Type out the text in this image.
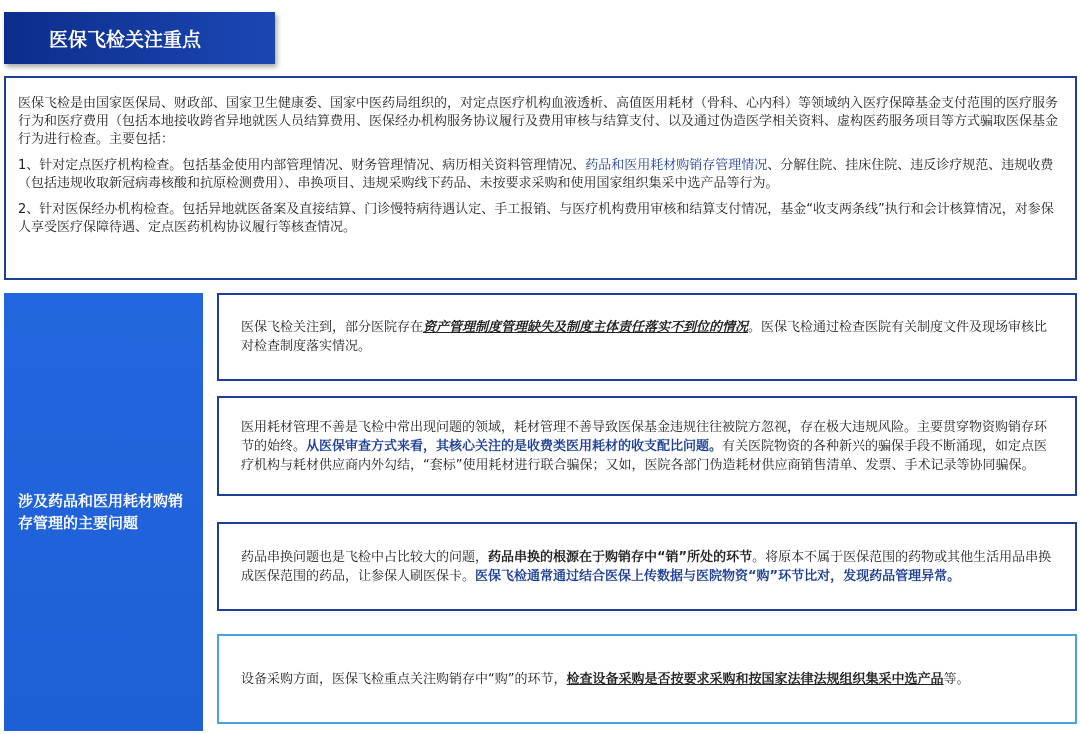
医保飞检关注重点

医保飞检是由国家医保局、财政部、国家卫生健康委、国家中医药局组织的，对定点医疗机构血液透析、高值医用耗材（骨科、心内科）等领域纳入医疗保障基金支付范围的医疗服务行为和医疗费用（包括本地接收跨省异地就医人员结算费用、医保经办机构服务协议履行及费用审核与结算支付、以及通过伪造医学相关资料、虚构医药服务项目等方式骗取医保基金行为进行检查。主要包括：

1、针对定点医疗机构检查。包括基金使用内部管理情况、财务管理情况、病历相关资料管理情况、药品和医用耗材购销存管理情况、分解住院、挂床住院、违反诊疗规范、违规收费（包括违规收取新冠病毒核酸和抗原检测费用）、串换项目、违规采购线下药品、未按要求采购和使用国家组织集采中选产品等行为。

2、针对医保经办机构检查。包括异地就医备案及直接结算、门诊慢特病待遇认定、手工报销、与医疗机构费用审核和结算支付情况，基金“收支两条线”执行和会计核算情况，对参保人享受医疗保障待遇、定点医药机构协议履行等核查情况。

涉及药品和医用耗材购销存管理的主要问题

医保飞检关注到，部分医院存在资产管理制度管理缺失及制度主体责任落实不到位的情况。医保飞检通过检查医院有关制度文件及现场审核比对检查制度落实情况。

医用耗材管理不善是飞检中常出现问题的领域，耗材管理不善导致医保基金违规往往被院方忽视，存在极大违规风险。主要贯穿物资购销存环节的始终。从医保审查方式来看，其核心关注的是收费类医用耗材的收支配比问题。有关医院物资的各种新兴的骗保手段不断涌现，如定点医疗机构与耗材供应商内外勾结，“套标”使用耗材进行联合骗保；又如，医院各部门伪造耗材供应商销售清单、发票、手术记录等协同骗保。

药品串换问题也是飞检中占比较大的问题，药品串换的根源在于购销存中“销”所处的环节。将原本不属于医保范围的药物或其他生活用品串换成医保范围的药品，让参保人刷医保卡。医保飞检通常通过结合医保上传数据与医院物资“购”环节比对，发现药品管理异常。

设备采购方面，医保飞检重点关注购销存中“购”的环节，检查设备采购是否按要求采购和按国家法律法规组织集采中选产品等。
